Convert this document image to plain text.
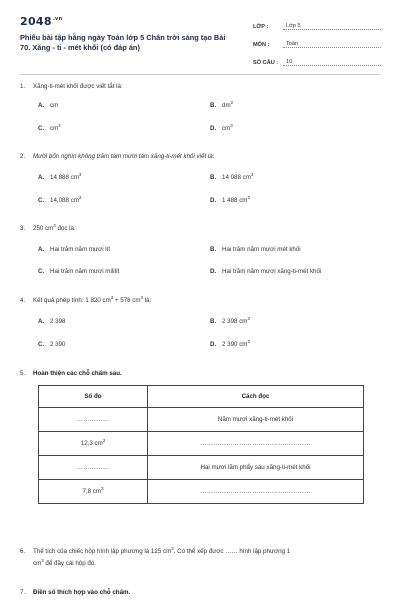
$2048^{.vn}$
Phiếu bài tập hằng ngày Toán lớp 5 Chân trời sáng tạo Bài 70. Xăng - ti - mét khối (có đáp án)
LỚP :	Lớp 5
MÔN :	Toán
SỐ CÂU :	10
1. Xăng-ti-mét khối được viết tắt là:
A. cm	B. $dm^2$
C. $cm^2$	D. $cm^3$
2. Mười bốn nghìn không trăm tám mươi tám xăng-ti-mét khối viết là:
A. 14 888 $cm^3$	B. 14 088 $cm^3$
C. 14,088 $cm^3$	D. 1 488 $cm^3$
3. 250 $cm^3$ đọc là:
A. Hai trăm năm mươi lít	B. Hai trăm năm mươi mét khối
C. Hai trăm năm mươi mililít	D. Hai trăm năm mươi xăng-ti-mét khối
4. Kết quả phép tính: 1 820 $cm^3 + 578$ $cm^3$ là:
A. 2 398	B. 2 398 $cm^3$
C. 2 390	D. 2 390 $cm^3$
5. Hoàn thiện các chỗ chấm sau.
Số đo	Cách đọc
……………	Năm mươi xăng-ti-mét khối
12,3 $cm^3$	……………………………………………
……………	Hai mươi lăm phẩy sáu xăng-ti-mét khối
7,8 $cm^3$	……………………………………………
6. Thể tích của chiếc hộp hình lập phương là 125 $cm^3$. Có thể xếp được …… hình lập phương 1
$cm^3$ để đầy cái hộp đó.
7. Điền số thích hợp vào chỗ chấm.
